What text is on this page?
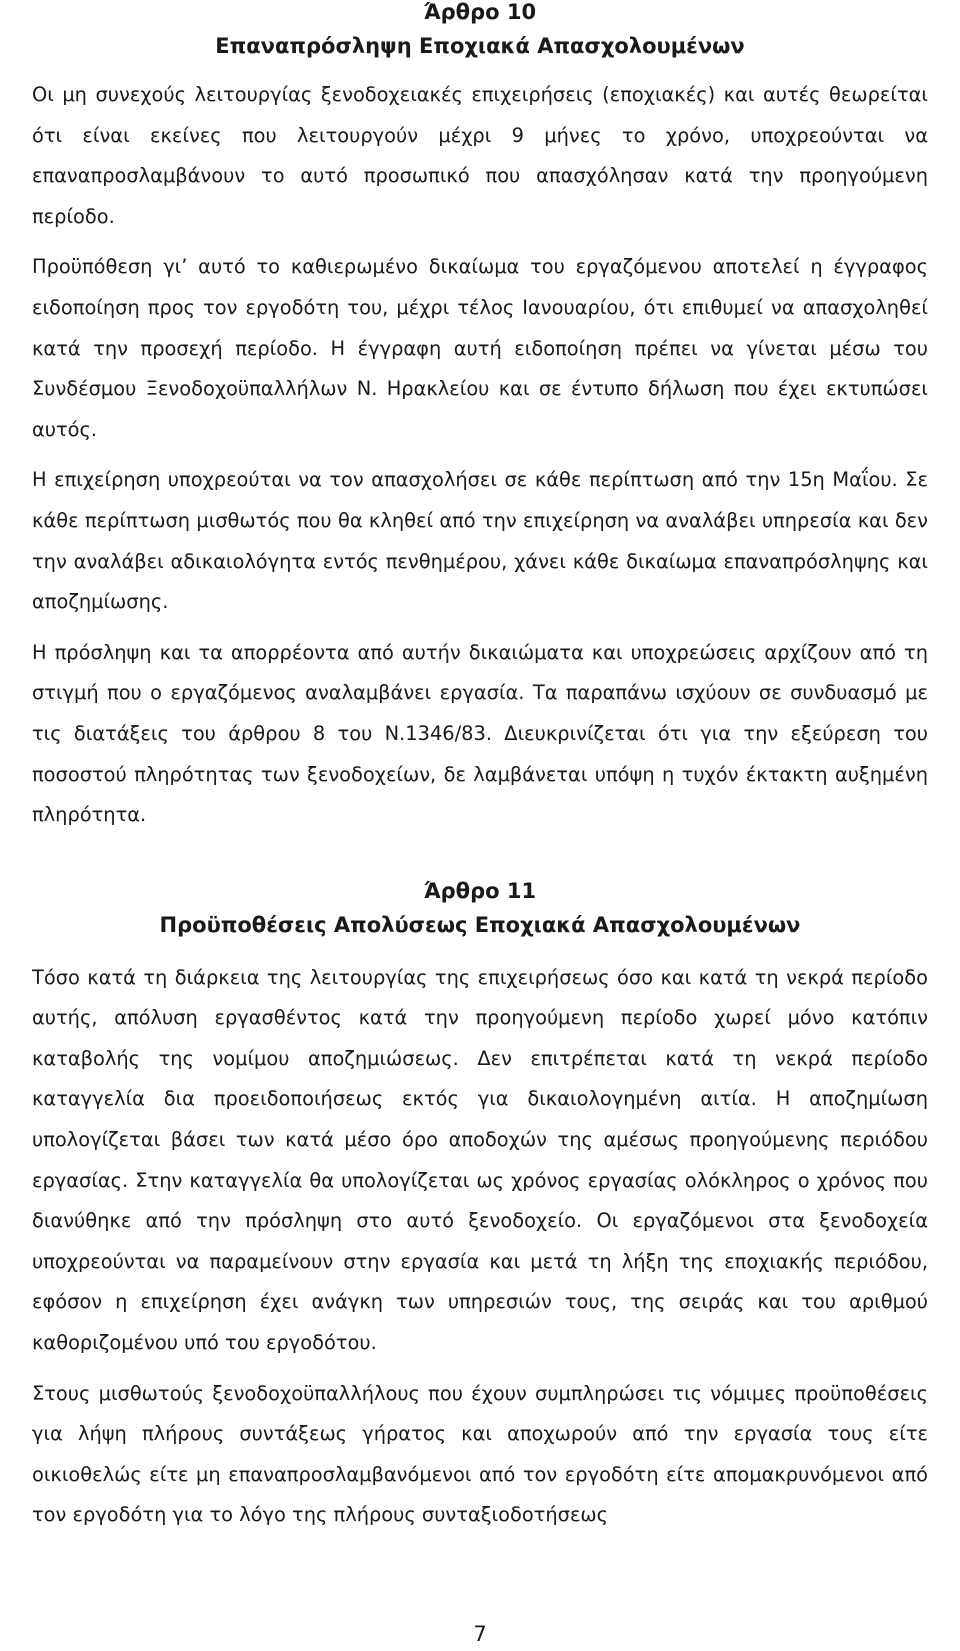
Άρθρο 10
Επαναπρόσληψη Εποχιακά Απασχολουμένων

Οι μη συνεχούς λειτουργίας ξενοδοχειακές επιχειρήσεις (εποχιακές) και αυτές θεωρείται ότι είναι εκείνες που λειτουργούν μέχρι 9 μήνες το χρόνο, υποχρεούνται να επαναπροσλαμβάνουν το αυτό προσωπικό που απασχόλησαν κατά την προηγούμενη περίοδο.

Προϋπόθεση γι’ αυτό το καθιερωμένο δικαίωμα του εργαζόμενου αποτελεί η έγγραφος ειδοποίηση προς τον εργοδότη του, μέχρι τέλος Ιανουαρίου, ότι επιθυμεί να απασχοληθεί κατά την προσεχή περίοδο. Η έγγραφη αυτή ειδοποίηση πρέπει να γίνεται μέσω του Συνδέσμου Ξενοδοχοϋπαλλήλων Ν. Ηρακλείου και σε έντυπο δήλωση που έχει εκτυπώσει αυτός.

Η επιχείρηση υποχρεούται να τον απασχολήσει σε κάθε περίπτωση από την 15η Μαΐου. Σε κάθε περίπτωση μισθωτός που θα κληθεί από την επιχείρηση να αναλάβει υπηρεσία και δεν την αναλάβει αδικαιολόγητα εντός πενθημέρου, χάνει κάθε δικαίωμα επαναπρόσληψης και αποζημίωσης.

Η πρόσληψη και τα απορρέοντα από αυτήν δικαιώματα και υποχρεώσεις αρχίζουν από τη στιγμή που ο εργαζόμενος αναλαμβάνει εργασία. Τα παραπάνω ισχύουν σε συνδυασμό με τις διατάξεις του άρθρου 8 του Ν.1346/83. Διευκρινίζεται ότι για την εξεύρεση του ποσοστού πληρότητας των ξενοδοχείων, δε λαμβάνεται υπόψη η τυχόν έκτακτη αυξημένη πληρότητα.

Άρθρο 11
Προϋποθέσεις Απολύσεως Εποχιακά Απασχολουμένων

Τόσο κατά τη διάρκεια της λειτουργίας της επιχειρήσεως όσο και κατά τη νεκρά περίοδο αυτής, απόλυση εργασθέντος κατά την προηγούμενη περίοδο χωρεί μόνο κατόπιν καταβολής της νομίμου αποζημιώσεως. Δεν επιτρέπεται κατά τη νεκρά περίοδο καταγγελία δια προειδοποιήσεως εκτός για δικαιολογημένη αιτία. Η αποζημίωση υπολογίζεται βάσει των κατά μέσο όρο αποδοχών της αμέσως προηγούμενης περιόδου εργασίας. Στην καταγγελία θα υπολογίζεται ως χρόνος εργασίας ολόκληρος ο χρόνος που διανύθηκε από την πρόσληψη στο αυτό ξενοδοχείο. Οι εργαζόμενοι στα ξενοδοχεία υποχρεούνται να παραμείνουν στην εργασία και μετά τη λήξη της εποχιακής περιόδου, εφόσον η επιχείρηση έχει ανάγκη των υπηρεσιών τους, της σειράς και του αριθμού καθοριζομένου υπό του εργοδότου.

Στους μισθωτούς ξενοδοχοϋπαλλήλους που έχουν συμπληρώσει τις νόμιμες προϋποθέσεις για λήψη πλήρους συντάξεως γήρατος και αποχωρούν από την εργασία τους είτε οικιοθελώς είτε μη επαναπροσλαμβανόμενοι από τον εργοδότη είτε απομακρυνόμενοι από τον εργοδότη για το λόγο της πλήρους συνταξιοδοτήσεως

7
